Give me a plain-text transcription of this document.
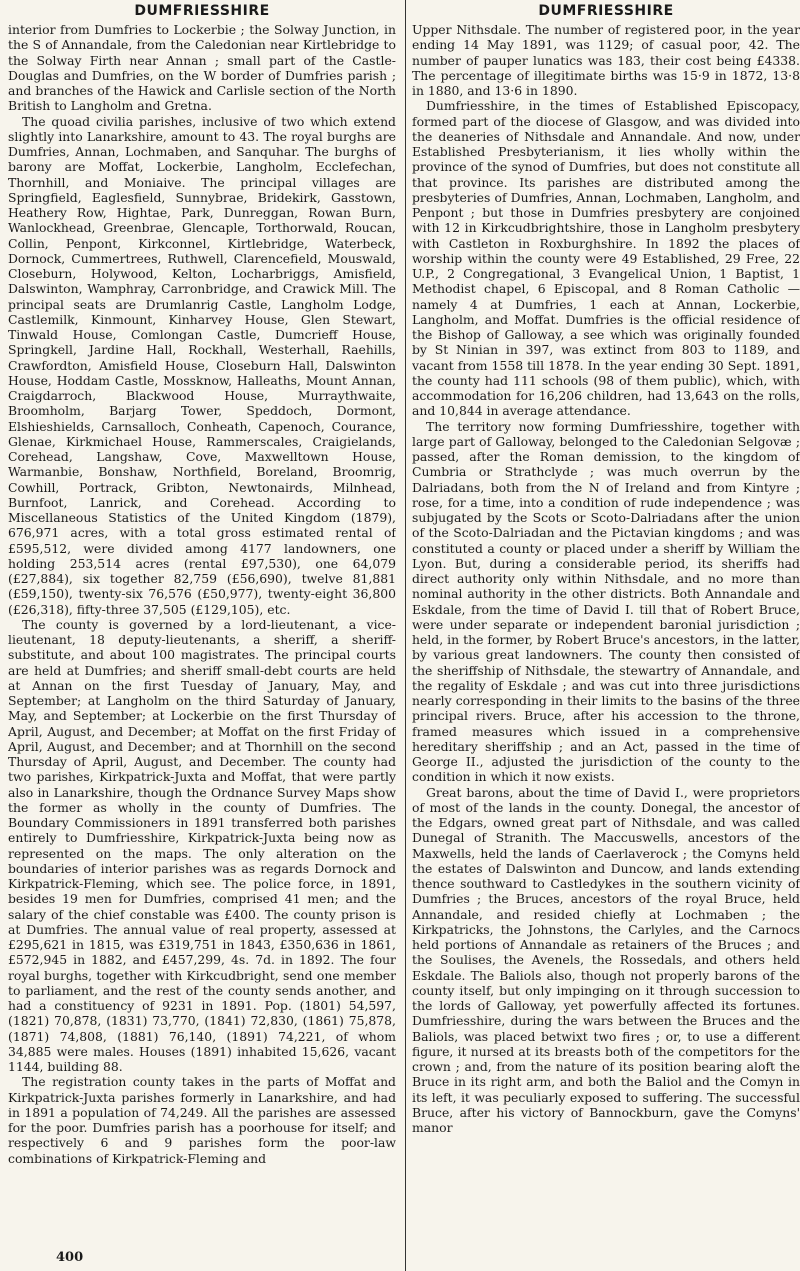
DUMFRIESSHIRE

interior from Dumfries to Lockerbie ; the Solway Junction, in the S of Annandale, from the Caledonian near Kirtlebridge to the Solway Firth near Annan ; small part of the Castle-Douglas and Dumfries, on the W border of Dumfries parish ; and branches of the Hawick and Carlisle section of the North British to Langholm and Gretna.

The quoad civilia parishes, inclusive of two which extend slightly into Lanarkshire, amount to 43. The royal burghs are Dumfries, Annan, Lochmaben, and Sanquhar. The burghs of barony are Moffat, Lockerbie, Langholm, Ecclefechan, Thornhill, and Moniaive. The principal villages are Springfield, Eaglesfield, Sunnybrae, Bridekirk, Gasstown, Heathery Row, Hightae, Park, Dunreggan, Rowan Burn, Wanlockhead, Greenbrae, Glencaple, Torthorwald, Roucan, Collin, Penpont, Kirkconnel, Kirtlebridge, Waterbeck, Dornock, Cummertrees, Ruthwell, Clarencefield, Mouswald, Closeburn, Holywood, Kelton, Locharbriggs, Amisfield, Dalswinton, Wamphray, Carronbridge, and Crawick Mill. The principal seats are Drumlanrig Castle, Langholm Lodge, Castlemilk, Kinmount, Kinharvey House, Glen Stewart, Tinwald House, Comlongan Castle, Dumcrieff House, Springkell, Jardine Hall, Rockhall, Westerhall, Raehills, Crawfordton, Amisfield House, Closeburn Hall, Dalswinton House, Hoddam Castle, Mossknow, Halleaths, Mount Annan, Craigdarroch, Blackwood House, Murraythwaite, Broomholm, Barjarg Tower, Speddoch, Dormont, Elshieshields, Carnsalloch, Conheath, Capenoch, Courance, Glenae, Kirkmichael House, Rammerscales, Craigielands, Corehead, Langshaw, Cove, Maxwelltown House, Warmanbie, Bonshaw, Northfield, Boreland, Broomrig, Cowhill, Portrack, Gribton, Newtonairds, Milnhead, Burnfoot, Lanrick, and Corehead. According to Miscellaneous Statistics of the United Kingdom (1879), 676,971 acres, with a total gross estimated rental of £595,512, were divided among 4177 landowners, one holding 253,514 acres (rental £97,530), one 64,079 (£27,884), six together 82,759 (£56,690), twelve 81,881 (£59,150), twenty-six 76,576 (£50,977), twenty-eight 36,800 (£26,318), fifty-three 37,505 (£129,105), etc.

The county is governed by a lord-lieutenant, a vice-lieutenant, 18 deputy-lieutenants, a sheriff, a sheriff-substitute, and about 100 magistrates. The principal courts are held at Dumfries; and sheriff small-debt courts are held at Annan on the first Tuesday of January, May, and September; at Langholm on the third Saturday of January, May, and September; at Lockerbie on the first Thursday of April, August, and December; at Moffat on the first Friday of April, August, and December; and at Thornhill on the second Thursday of April, August, and December. The county had two parishes, Kirkpatrick-Juxta and Moffat, that were partly also in Lanarkshire, though the Ordnance Survey Maps show the former as wholly in the county of Dumfries. The Boundary Commissioners in 1891 transferred both parishes entirely to Dumfriesshire, Kirkpatrick-Juxta being now as represented on the maps. The only alteration on the boundaries of interior parishes was as regards Dornock and Kirkpatrick-Fleming, which see. The police force, in 1891, besides 19 men for Dumfries, comprised 41 men; and the salary of the chief constable was £400. The county prison is at Dumfries. The annual value of real property, assessed at £295,621 in 1815, was £319,751 in 1843, £350,636 in 1861, £572,945 in 1882, and £457,299, 4s. 7d. in 1892. The four royal burghs, together with Kirkcudbright, send one member to parliament, and the rest of the county sends another, and had a constituency of 9231 in 1891. Pop. (1801) 54,597, (1821) 70,878, (1831) 73,770, (1841) 72,830, (1861) 75,878, (1871) 74,808, (1881) 76,140, (1891) 74,221, of whom 34,885 were males. Houses (1891) inhabited 15,626, vacant 1144, building 88.

The registration county takes in the parts of Moffat and Kirkpatrick-Juxta parishes formerly in Lanarkshire, and had in 1891 a population of 74,249. All the parishes are assessed for the poor. Dumfries parish has a poorhouse for itself; and respectively 6 and 9 parishes form the poor-law combinations of Kirkpatrick-Fleming and

DUMFRIESSHIRE

Upper Nithsdale. The number of registered poor, in the year ending 14 May 1891, was 1129; of casual poor, 42. The number of pauper lunatics was 183, their cost being £4338. The percentage of illegitimate births was 15·9 in 1872, 13·8 in 1880, and 13·6 in 1890.

Dumfriesshire, in the times of Established Episcopacy, formed part of the diocese of Glasgow, and was divided into the deaneries of Nithsdale and Annandale. And now, under Established Presbyterianism, it lies wholly within the province of the synod of Dumfries, but does not constitute all that province. Its parishes are distributed among the presbyteries of Dumfries, Annan, Lochmaben, Langholm, and Penpont ; but those in Dumfries presbytery are conjoined with 12 in Kirkcudbrightshire, those in Langholm presbytery with Castleton in Roxburghshire. In 1892 the places of worship within the county were 49 Established, 29 Free, 22 U.P., 2 Congregational, 3 Evangelical Union, 1 Baptist, 1 Methodist chapel, 6 Episcopal, and 8 Roman Catholic —namely 4 at Dumfries, 1 each at Annan, Lockerbie, Langholm, and Moffat. Dumfries is the official residence of the Bishop of Galloway, a see which was originally founded by St Ninian in 397, was extinct from 803 to 1189, and vacant from 1558 till 1878. In the year ending 30 Sept. 1891, the county had 111 schools (98 of them public), which, with accommodation for 16,206 children, had 13,643 on the rolls, and 10,844 in average attendance.

The territory now forming Dumfriesshire, together with large part of Galloway, belonged to the Caledonian Selgovæ ; passed, after the Roman demission, to the kingdom of Cumbria or Strathclyde ; was much overrun by the Dalriadans, both from the N of Ireland and from Kintyre ; rose, for a time, into a condition of rude independence ; was subjugated by the Scots or Scoto-Dalriadans after the union of the Scoto-Dalriadan and the Pictavian kingdoms ; and was constituted a county or placed under a sheriff by William the Lyon. But, during a considerable period, its sheriffs had direct authority only within Nithsdale, and no more than nominal authority in the other districts. Both Annandale and Eskdale, from the time of David I. till that of Robert Bruce, were under separate or independent baronial jurisdiction ; held, in the former, by Robert Bruce's ancestors, in the latter, by various great landowners. The county then consisted of the sheriffship of Nithsdale, the stewartry of Annandale, and the regality of Eskdale ; and was cut into three jurisdictions nearly corresponding in their limits to the basins of the three principal rivers. Bruce, after his accession to the throne, framed measures which issued in a comprehensive hereditary sheriffship ; and an Act, passed in the time of George II., adjusted the jurisdiction of the county to the condition in which it now exists.

Great barons, about the time of David I., were proprietors of most of the lands in the county. Donegal, the ancestor of the Edgars, owned great part of Nithsdale, and was called Dunegal of Stranith. The Maccuswells, ancestors of the Maxwells, held the lands of Caerlaverock ; the Comyns held the estates of Dalswinton and Duncow, and lands extending thence southward to Castledykes in the southern vicinity of Dumfries ; the Bruces, ancestors of the royal Bruce, held Annandale, and resided chiefly at Lochmaben ; the Kirkpatricks, the Johnstons, the Carlyles, and the Carnocs held portions of Annandale as retainers of the Bruces ; and the Soulises, the Avenels, the Rossedals, and others held Eskdale. The Baliols also, though not properly barons of the county itself, but only impinging on it through succession to the lords of Galloway, yet powerfully affected its fortunes. Dumfriesshire, during the wars between the Bruces and the Baliols, was placed betwixt two fires ; or, to use a different figure, it nursed at its breasts both of the competitors for the crown ; and, from the nature of its position bearing aloft the Bruce in its right arm, and both the Baliol and the Comyn in its left, it was peculiarly exposed to suffering. The successful Bruce, after his victory of Bannockburn, gave the Comyns' manor

400
